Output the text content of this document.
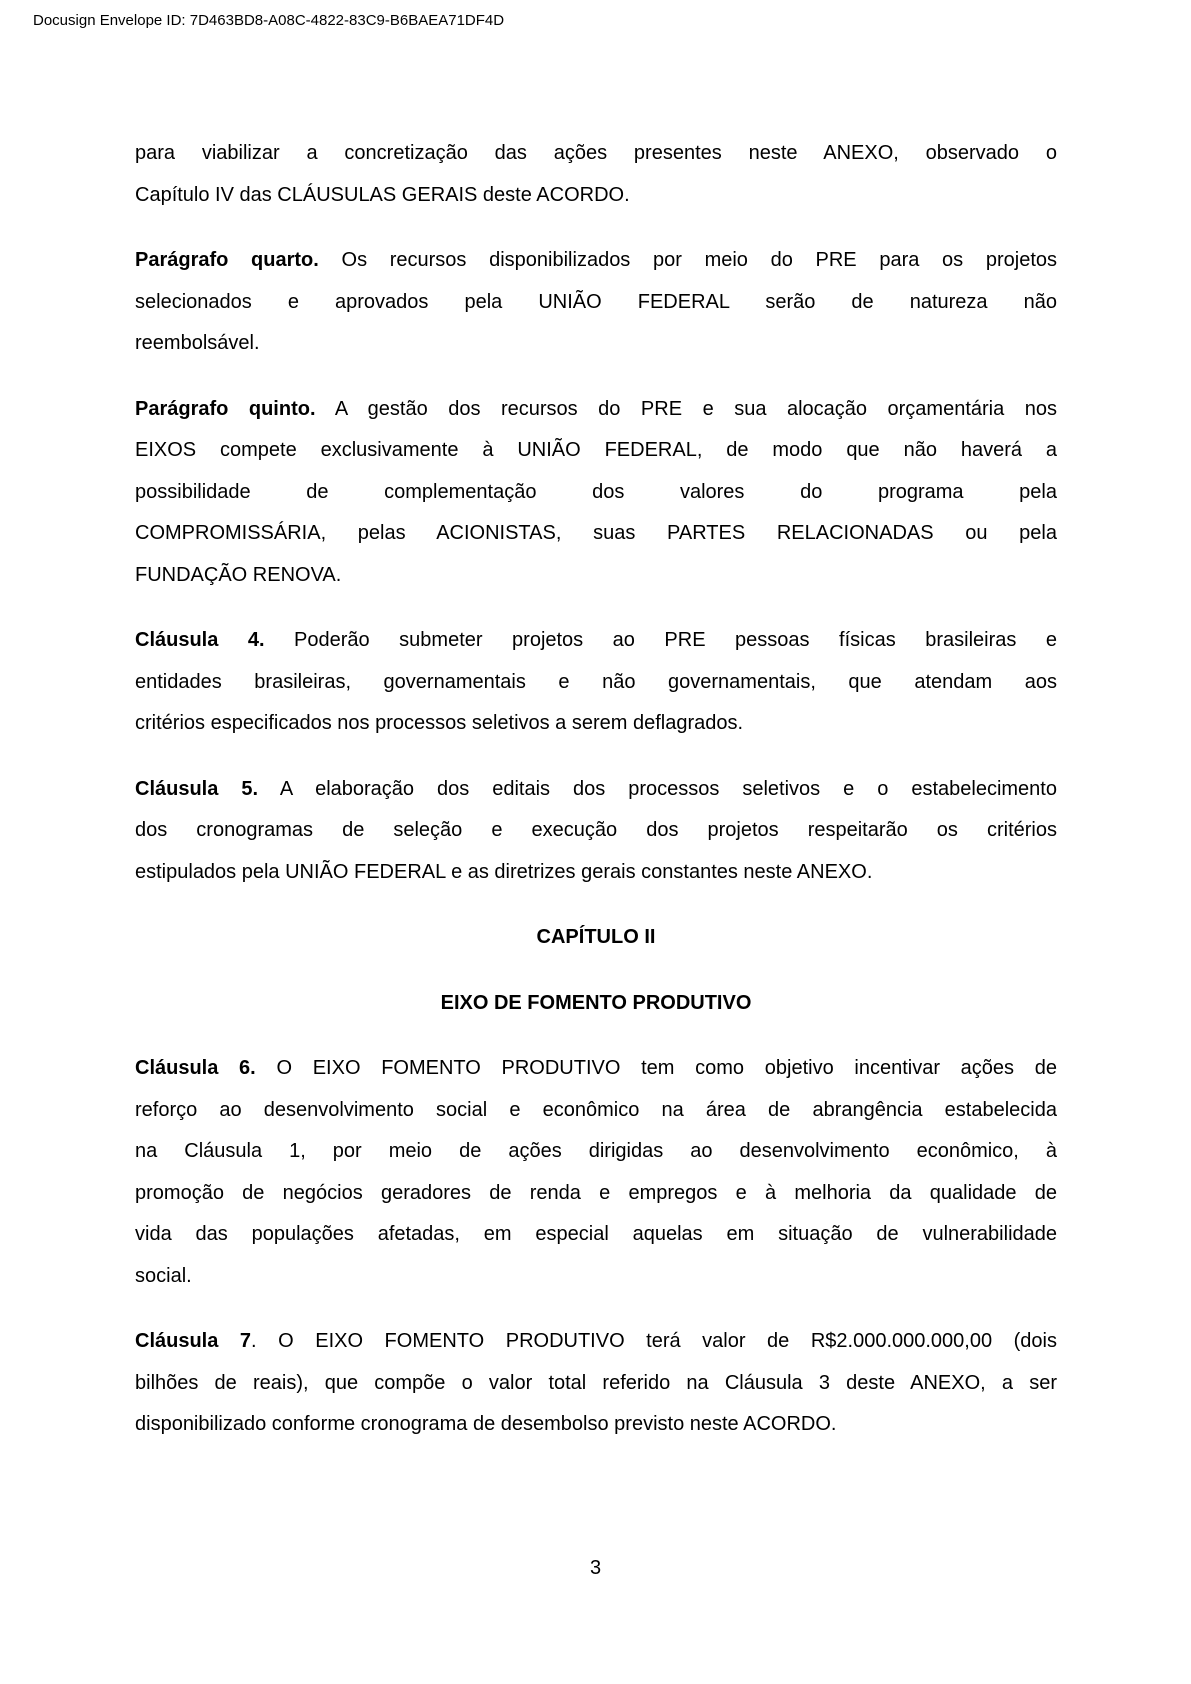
Docusign Envelope ID: 7D463BD8-A08C-4822-83C9-B6BAEA71DF4D
para viabilizar a concretização das ações presentes neste ANEXO, observado o
Capítulo IV das CLÁUSULAS GERAIS deste ACORDO.
Parágrafo quarto. Os recursos disponibilizados por meio do PRE para os projetos
selecionados e aprovados pela UNIÃO FEDERAL serão de natureza não
reembolsável.
Parágrafo quinto. A gestão dos recursos do PRE e sua alocação orçamentária nos
EIXOS compete exclusivamente à UNIÃO FEDERAL, de modo que não haverá a
possibilidade de complementação dos valores do programa pela
COMPROMISSÁRIA, pelas ACIONISTAS, suas PARTES RELACIONADAS ou pela
FUNDAÇÃO RENOVA.
Cláusula 4. Poderão submeter projetos ao PRE pessoas físicas brasileiras e
entidades brasileiras, governamentais e não governamentais, que atendam aos
critérios especificados nos processos seletivos a serem deflagrados.
Cláusula 5. A elaboração dos editais dos processos seletivos e o estabelecimento
dos cronogramas de seleção e execução dos projetos respeitarão os critérios
estipulados pela UNIÃO FEDERAL e as diretrizes gerais constantes neste ANEXO.
CAPÍTULO II
EIXO DE FOMENTO PRODUTIVO
Cláusula 6. O EIXO FOMENTO PRODUTIVO tem como objetivo incentivar ações de
reforço ao desenvolvimento social e econômico na área de abrangência estabelecida
na Cláusula 1, por meio de ações dirigidas ao desenvolvimento econômico, à
promoção de negócios geradores de renda e empregos e à melhoria da qualidade de
vida das populações afetadas, em especial aquelas em situação de vulnerabilidade
social.
Cláusula 7. O EIXO FOMENTO PRODUTIVO terá valor de R$2.000.000.000,00 (dois
bilhões de reais), que compõe o valor total referido na Cláusula 3 deste ANEXO, a ser
disponibilizado conforme cronograma de desembolso previsto neste ACORDO.
3
